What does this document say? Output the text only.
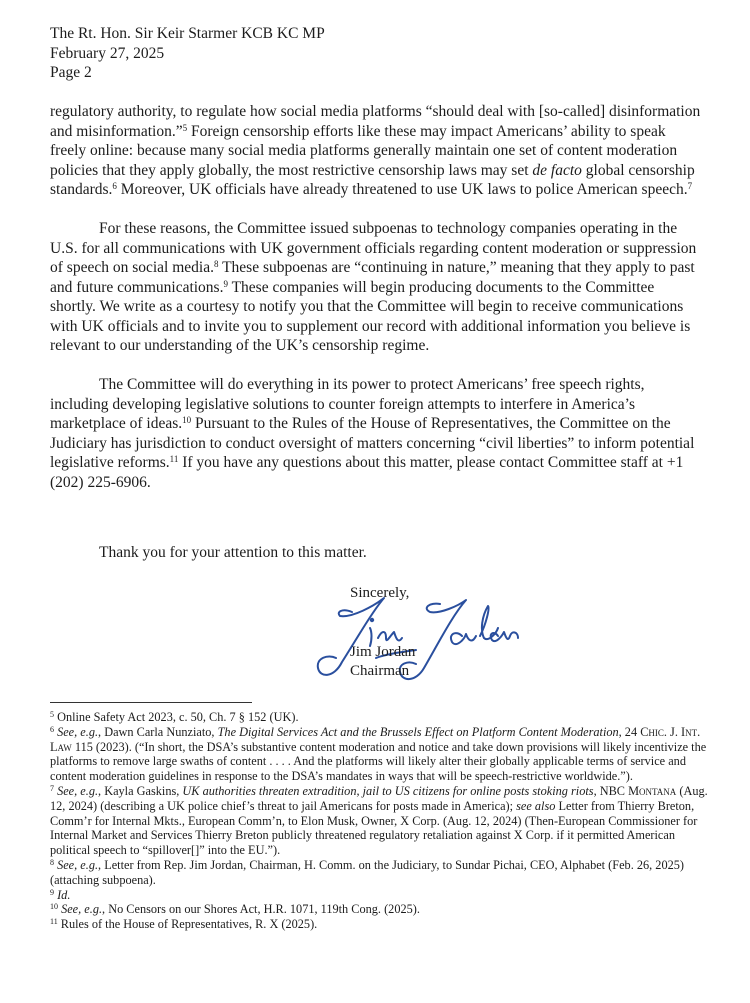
The Rt. Hon. Sir Keir Starmer KCB KC MP
February 27, 2025
Page 2

regulatory authority, to regulate how social media platforms “should deal with [so-called] disinformation and misinformation.”$^5$ Foreign censorship efforts like these may impact Americans’ ability to speak freely online: because many social media platforms generally maintain one set of content moderation policies that they apply globally, the most restrictive censorship laws may set de facto global censorship standards.$^6$ Moreover, UK officials have already threatened to use UK laws to police American speech.$^7$

For these reasons, the Committee issued subpoenas to technology companies operating in the U.S. for all communications with UK government officials regarding content moderation or suppression of speech on social media.$^8$ These subpoenas are “continuing in nature,” meaning that they apply to past and future communications.$^9$ These companies will begin producing documents to the Committee shortly. We write as a courtesy to notify you that the Committee will begin to receive communications with UK officials and to invite you to supplement our record with additional information you believe is relevant to our understanding of the UK’s censorship regime.

The Committee will do everything in its power to protect Americans’ free speech rights, including developing legislative solutions to counter foreign attempts to interfere in America’s marketplace of ideas.$^{10}$ Pursuant to the Rules of the House of Representatives, the Committee on the Judiciary has jurisdiction to conduct oversight of matters concerning “civil liberties” to inform potential legislative reforms.$^{11}$ If you have any questions about this matter, please contact Committee staff at +1 (202) 225-6906.

Thank you for your attention to this matter.
Sincerely,
Jim Jordan
Chairman

$^5$ Online Safety Act 2023, c. 50, Ch. 7 § 152 (UK).

$^6$ See, e.g., Dawn Carla Nunziato, The Digital Services Act and the Brussels Effect on Platform Content Moderation, 24 Chic. J. Int. Law 115 (2023). (“In short, the DSA’s substantive content moderation and notice and take down provisions will likely incentivize the platforms to remove large swaths of content . . . . And the platforms will likely alter their globally applicable terms of service and content moderation guidelines in response to the DSA’s mandates in ways that will be speech-restrictive worldwide.”).

$^7$ See, e.g., Kayla Gaskins, UK authorities threaten extradition, jail to US citizens for online posts stoking riots, NBC Montana (Aug. 12, 2024) (describing a UK police chief’s threat to jail Americans for posts made in America); see also Letter from Thierry Breton, Comm’r for Internal Mkts., European Comm’n, to Elon Musk, Owner, X Corp. (Aug. 12, 2024) (Then-European Commissioner for Internal Market and Services Thierry Breton publicly threatened regulatory retaliation against X Corp. if it permitted American political speech to “spillover[]” into the EU.”).

$^8$ See, e.g., Letter from Rep. Jim Jordan, Chairman, H. Comm. on the Judiciary, to Sundar Pichai, CEO, Alphabet (Feb. 26, 2025) (attaching subpoena).

$^9$ Id.

$^{10}$ See, e.g., No Censors on our Shores Act, H.R. 1071, 119th Cong. (2025).

$^{11}$ Rules of the House of Representatives, R. X (2025).
